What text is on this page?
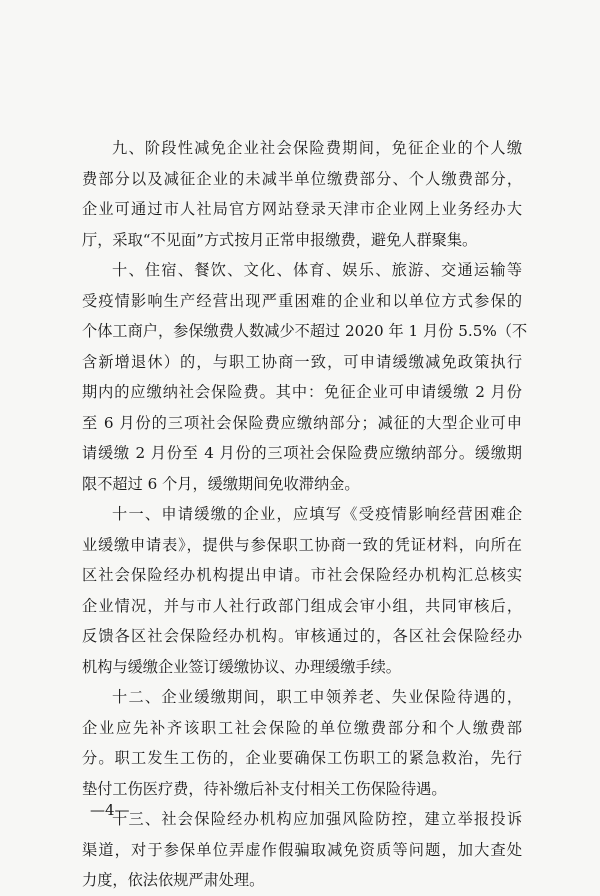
九、阶段性减免企业社会保险费期间，免征企业的个人缴
费部分以及减征企业的未减半单位缴费部分、个人缴费部分，
企业可通过市人社局官方网站登录天津市企业网上业务经办大
厅，采取“不见面”方式按月正常申报缴费，避免人群聚集。
十、住宿、餐饮、文化、体育、娱乐、旅游、交通运输等
受疫情影响生产经营出现严重困难的企业和以单位方式参保的
个体工商户，参保缴费人数减少不超过 2020 年 1 月份 5.5%（不
含新增退休）的，与职工协商一致，可申请缓缴减免政策执行
期内的应缴纳社会保险费。其中：免征企业可申请缓缴 2 月份
至 6 月份的三项社会保险费应缴纳部分；减征的大型企业可申
请缓缴 2 月份至 4 月份的三项社会保险费应缴纳部分。缓缴期
限不超过 6 个月，缓缴期间免收滞纳金。
十一、申请缓缴的企业，应填写《受疫情影响经营困难企
业缓缴申请表》，提供与参保职工协商一致的凭证材料，向所在
区社会保险经办机构提出申请。市社会保险经办机构汇总核实
企业情况，并与市人社行政部门组成会审小组，共同审核后，
反馈各区社会保险经办机构。审核通过的，各区社会保险经办
机构与缓缴企业签订缓缴协议、办理缓缴手续。
十二、企业缓缴期间，职工申领养老、失业保险待遇的，
企业应先补齐该职工社会保险的单位缴费部分和个人缴费部
分。职工发生工伤的，企业要确保工伤职工的紧急救治，先行
垫付工伤医疗费，待补缴后补支付相关工伤保险待遇。
十三、社会保险经办机构应加强风险防控，建立举报投诉
渠道，对于参保单位弄虚作假骗取减免资质等问题，加大查处
力度，依法依规严肃处理。
—4—
